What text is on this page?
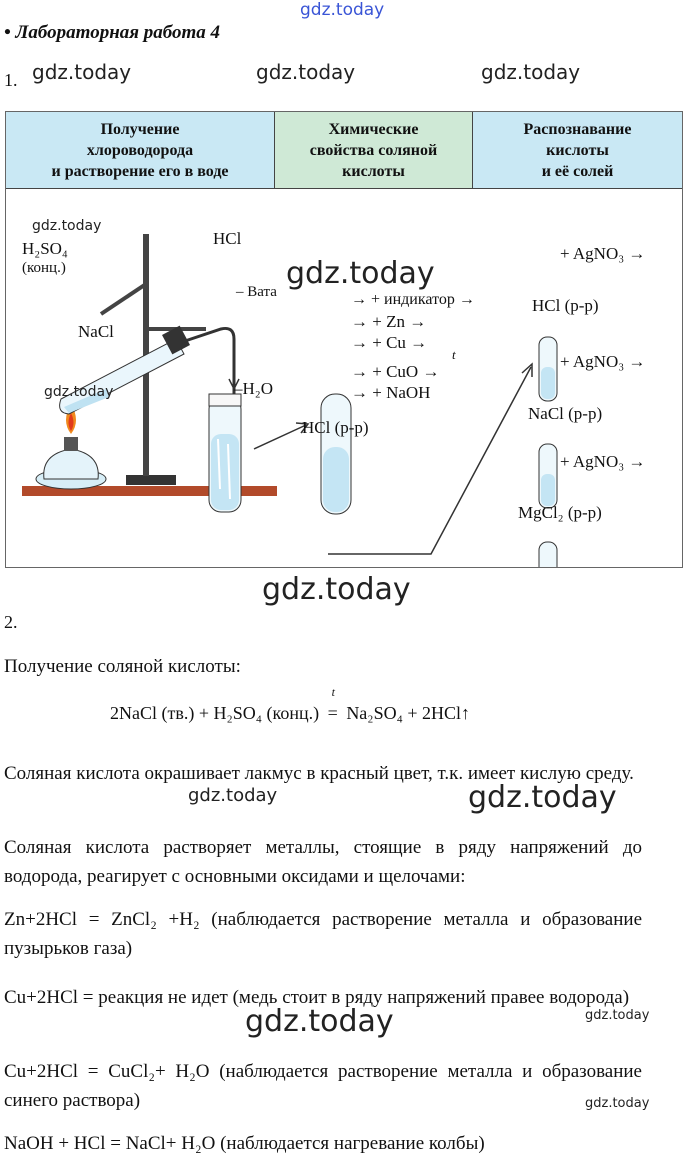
gdz.today
gdz.today	gdz.today	gdz.today
• Лабораторная работа 4
1.
Получение
хлороводорода
и растворение его в воде
Химические
свойства соляной
кислоты
Распознавание
кислоты
и её солей
H₂SO₄
(конц.)
NaCl
HCl
– Вата
–H₂O
HCl (р-р)
→ + индикатор →
→ + Zn →
→ + Cu →
t
→ + CuO →
→ + NaOH
+ AgNO₃ →
HCl (р-р)
+ AgNO₃ →
NaCl (р-р)
+ AgNO₃ →
MgCl₂ (р-р)
gdz.today
gdz.today
gdz.today
gdz.today
2.
Получение соляной кислоты:
2NaCl (тв.) + H₂SO₄ (конц.)
t
= Na₂SO₄ + 2HCl↑
Соляная кислота окрашивает лакмус в красный цвет, т.к. имеет кислую среду.
gdz.today	gdz.today
Соляная кислота растворяет металлы, стоящие в ряду напряжений до водорода, реагирует с основными оксидами и щелочами:
Zn+2HCl = ZnCl₂ +H₂ (наблюдается растворение металла и образование пузырьков газа)
Cu+2HCl = реакция не идет (медь стоит в ряду напряжений правее водорода)
gdz.today	gdz.today
Cu+2HCl = CuCl₂+ H₂O (наблюдается растворение металла и образование синего раствора)	gdz.today
NaOH + HCl = NaCl+ H₂O (наблюдается нагревание колбы)
